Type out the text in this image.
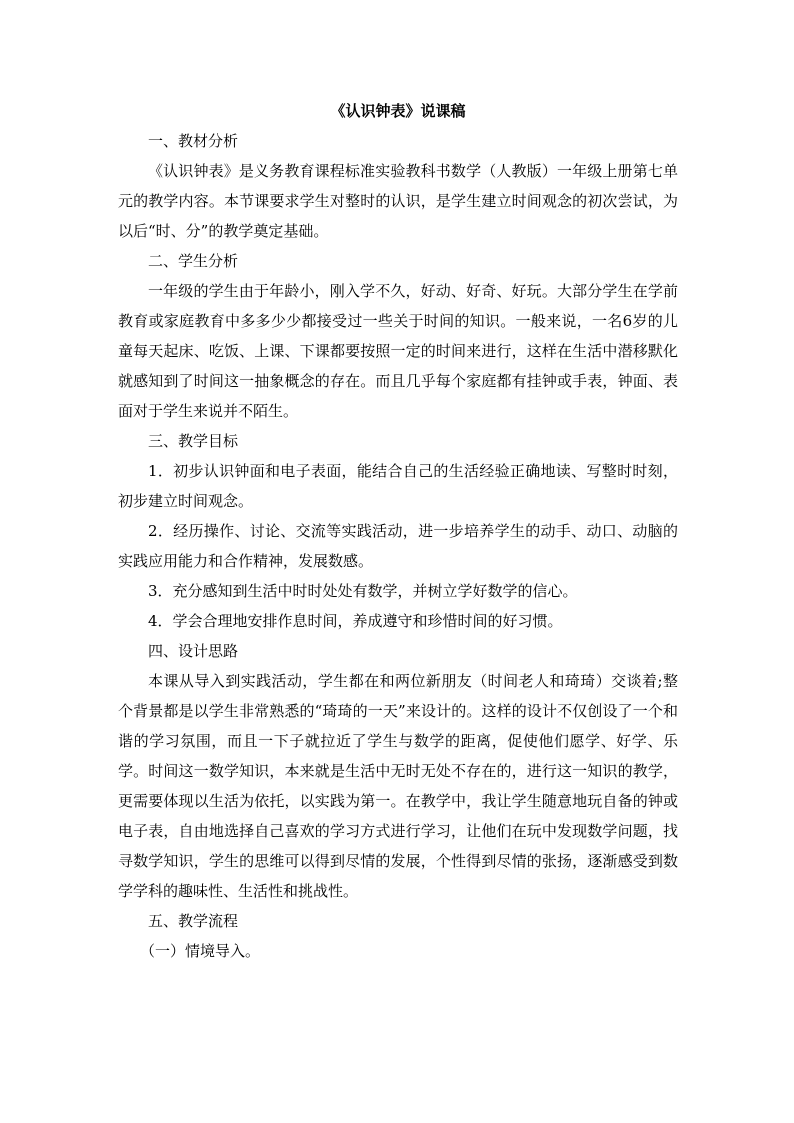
《认识钟表》说课稿

一、教材分析

《认识钟表》是义务教育课程标准实验教科书数学（人教版）一年级上册第七单元的教学内容。本节课要求学生对整时的认识，是学生建立时间观念的初次尝试，为以后“时、分”的教学奠定基础。

二、学生分析

一年级的学生由于年龄小，刚入学不久，好动、好奇、好玩。大部分学生在学前教育或家庭教育中多多少少都接受过一些关于时间的知识。一般来说，一名6岁的儿童每天起床、吃饭、上课、下课都要按照一定的时间来进行，这样在生活中潜移默化就感知到了时间这一抽象概念的存在。而且几乎每个家庭都有挂钟或手表，钟面、表面对于学生来说并不陌生。

三、教学目标

1．初步认识钟面和电子表面，能结合自己的生活经验正确地读、写整时时刻，初步建立时间观念。

2．经历操作、讨论、交流等实践活动，进一步培养学生的动手、动口、动脑的实践应用能力和合作精神，发展数感。

3．充分感知到生活中时时处处有数学，并树立学好数学的信心。

4．学会合理地安排作息时间，养成遵守和珍惜时间的好习惯。

四、设计思路

本课从导入到实践活动，学生都在和两位新朋友（时间老人和琦琦）交谈着;整个背景都是以学生非常熟悉的“琦琦的一天”来设计的。这样的设计不仅创设了一个和谐的学习氛围，而且一下子就拉近了学生与数学的距离，促使他们愿学、好学、乐学。时间这一数学知识，本来就是生活中无时无处不存在的，进行这一知识的教学，更需要体现以生活为依托，以实践为第一。在教学中，我让学生随意地玩自备的钟或电子表，自由地选择自己喜欢的学习方式进行学习，让他们在玩中发现数学问题，找寻数学知识，学生的思维可以得到尽情的发展，个性得到尽情的张扬，逐渐感受到数学学科的趣味性、生活性和挑战性。

五、教学流程

（一）情境导入。
